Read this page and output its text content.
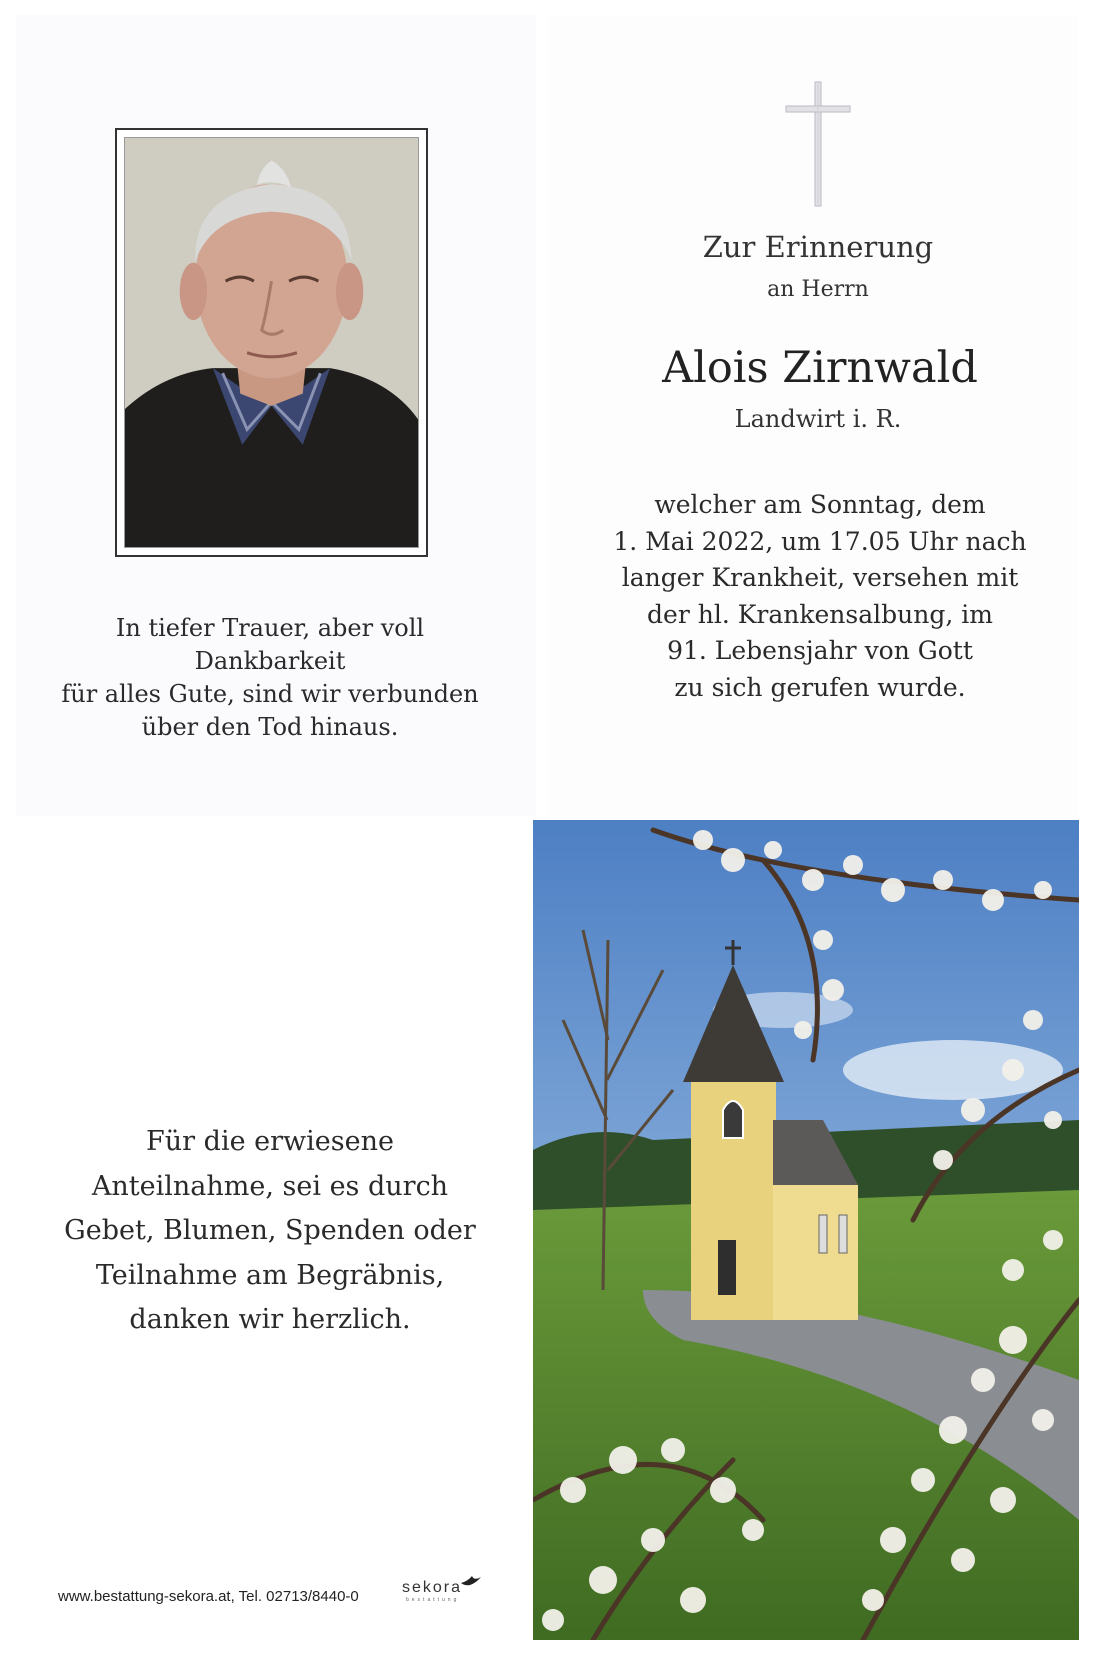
In tiefer Trauer, aber voll Dankbarkeit
für alles Gute, sind wir verbunden
über den Tod hinaus.
Zur Erinnerung
an Herrn
Alois Zirnwald
Landwirt i. R.
welcher am Sonntag, dem
1. Mai 2022, um 17.05 Uhr nach
langer Krankheit, versehen mit
der hl. Krankensalbung, im
91. Lebensjahr von Gott
zu sich gerufen wurde.
Für die erwiesene
Anteilnahme, sei es durch
Gebet, Blumen, Spenden oder
Teilnahme am Begräbnis,
danken wir herzlich.
www.bestattung-sekora.at, Tel. 02713/8440-0
sekora
bestattung
